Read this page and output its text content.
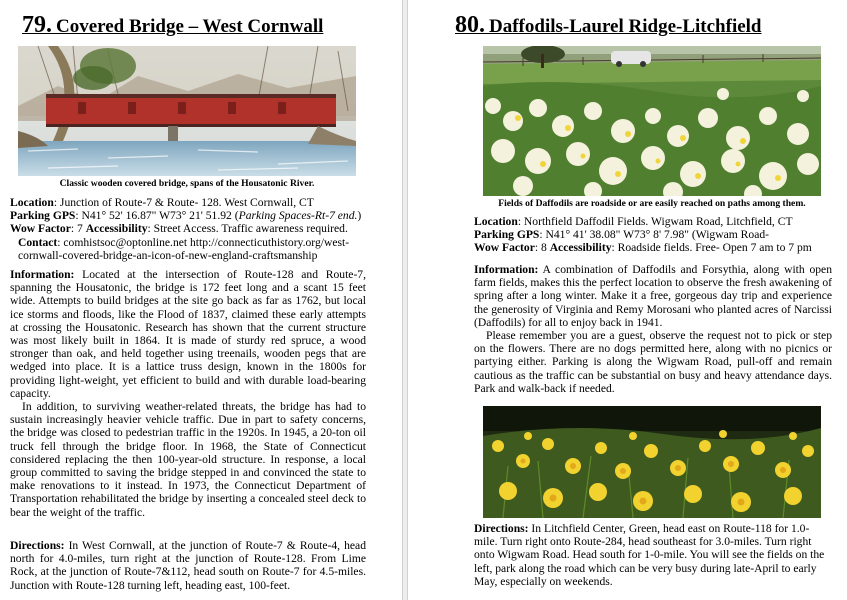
79. Covered Bridge – West Cornwall
Classic wooden covered bridge, spans of the Housatonic River.

Location: Junction of Route-7 & Route- 128. West Cornwall, CT

Parking GPS: N41° 52' 16.87" W73° 21' 51.92 (Parking Spaces-Rt-7 end.)

Wow Factor: 7 Accessibility: Street Access. Traffic awareness required.

Contact: comhistsoc@optonline.net http://connecticuthistory.org/west-cornwall-covered-bridge-an-icon-of-new-england-craftsmanship

Information: Located at the intersection of Route-128 and Route-7, spanning the Housatonic, the bridge is 172 feet long and a scant 15 feet wide. Attempts to build bridges at the site go back as far as 1762, but local ice storms and floods, like the Flood of 1837, claimed these early attempts at crossing the Housatonic. Research has shown that the current structure was most likely built in 1864. It is made of sturdy red spruce, a wood stronger than oak, and held together using treenails, wooden pegs that are wedged into place. It is a lattice truss design, known in the 1800s for providing light-weight, yet efficient to build and with durable load-bearing capacity.

In addition, to surviving weather-related threats, the bridge has had to sustain increasingly heavier vehicle traffic. Due in part to safety concerns, the bridge was closed to pedestrian traffic in the 1920s. In 1945, a 20-ton oil truck fell through the bridge floor. In 1968, the State of Connecticut considered replacing the then 100-year-old structure. In response, a local group committed to saving the bridge stepped in and convinced the state to make renovations to it instead. In 1973, the Connecticut Department of Transportation rehabilitated the bridge by inserting a concealed steel deck to bear the weight of the traffic.

Directions: In West Cornwall, at the junction of Route-7 & Route-4, head north for 4.0-miles, turn right at the junction of Route-128. From Lime Rock, at the junction of Route-7&112, head south on Route-7 for 4.5-miles. Junction with Route-128 turning left, heading east, 100-feet.

80. Daffodils-Laurel Ridge-Litchfield
Fields of Daffodils are roadside or are easily reached on paths among them.

Location: Northfield Daffodil Fields. Wigwam Road, Litchfield, CT

Parking GPS: N41° 41' 38.08" W73° 8' 7.98" (Wigwam Road-

Wow Factor: 8 Accessibility: Roadside fields. Free- Open 7 am to 7 pm

Information: A combination of Daffodils and Forsythia, along with open farm fields, makes this the perfect location to observe the fresh awakening of spring after a long winter. Make it a free, gorgeous day trip and experience the generosity of Virginia and Remy Morosani who planted acres of Narcissi (Daffodils) for all to enjoy back in 1941.

Please remember you are a guest, observe the request not to pick or step on the flowers. There are no dogs permitted here, along with no picnics or partying either. Parking is along the Wigwam Road, pull-off and remain cautious as the traffic can be substantial on busy and heavy attendance days. Park and walk-back if needed.

Directions: In Litchfield Center, Green, head east on Route-118 for 1.0-mile. Turn right onto Route-284, head southeast for 3.0-miles. Turn right onto Wigwam Road. Head south for 1-0-mile. You will see the fields on the left, park along the road which can be very busy during late-April to early May, especially on weekends.
